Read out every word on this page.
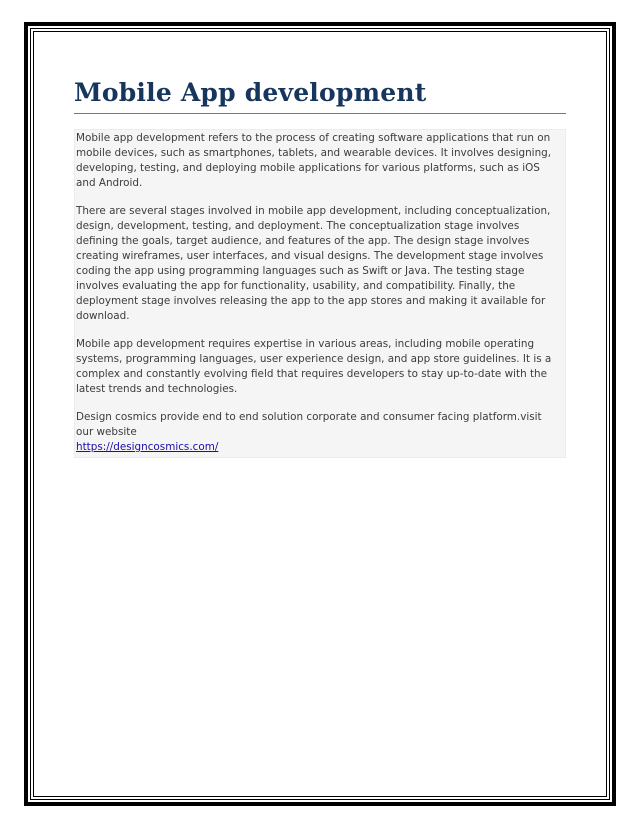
Mobile App development

Mobile app development refers to the process of creating software applications that run on mobile devices, such as smartphones, tablets, and wearable devices. It involves designing, developing, testing, and deploying mobile applications for various platforms, such as iOS and Android.

There are several stages involved in mobile app development, including conceptualization, design, development, testing, and deployment. The conceptualization stage involves defining the goals, target audience, and features of the app. The design stage involves creating wireframes, user interfaces, and visual designs. The development stage involves coding the app using programming languages such as Swift or Java. The testing stage involves evaluating the app for functionality, usability, and compatibility. Finally, the deployment stage involves releasing the app to the app stores and making it available for download.

Mobile app development requires expertise in various areas, including mobile operating systems, programming languages, user experience design, and app store guidelines. It is a complex and constantly evolving field that requires developers to stay up-to-date with the latest trends and technologies.

Design cosmics provide end to end solution corporate and consumer facing platform.visit our website
https://designcosmics.com/
